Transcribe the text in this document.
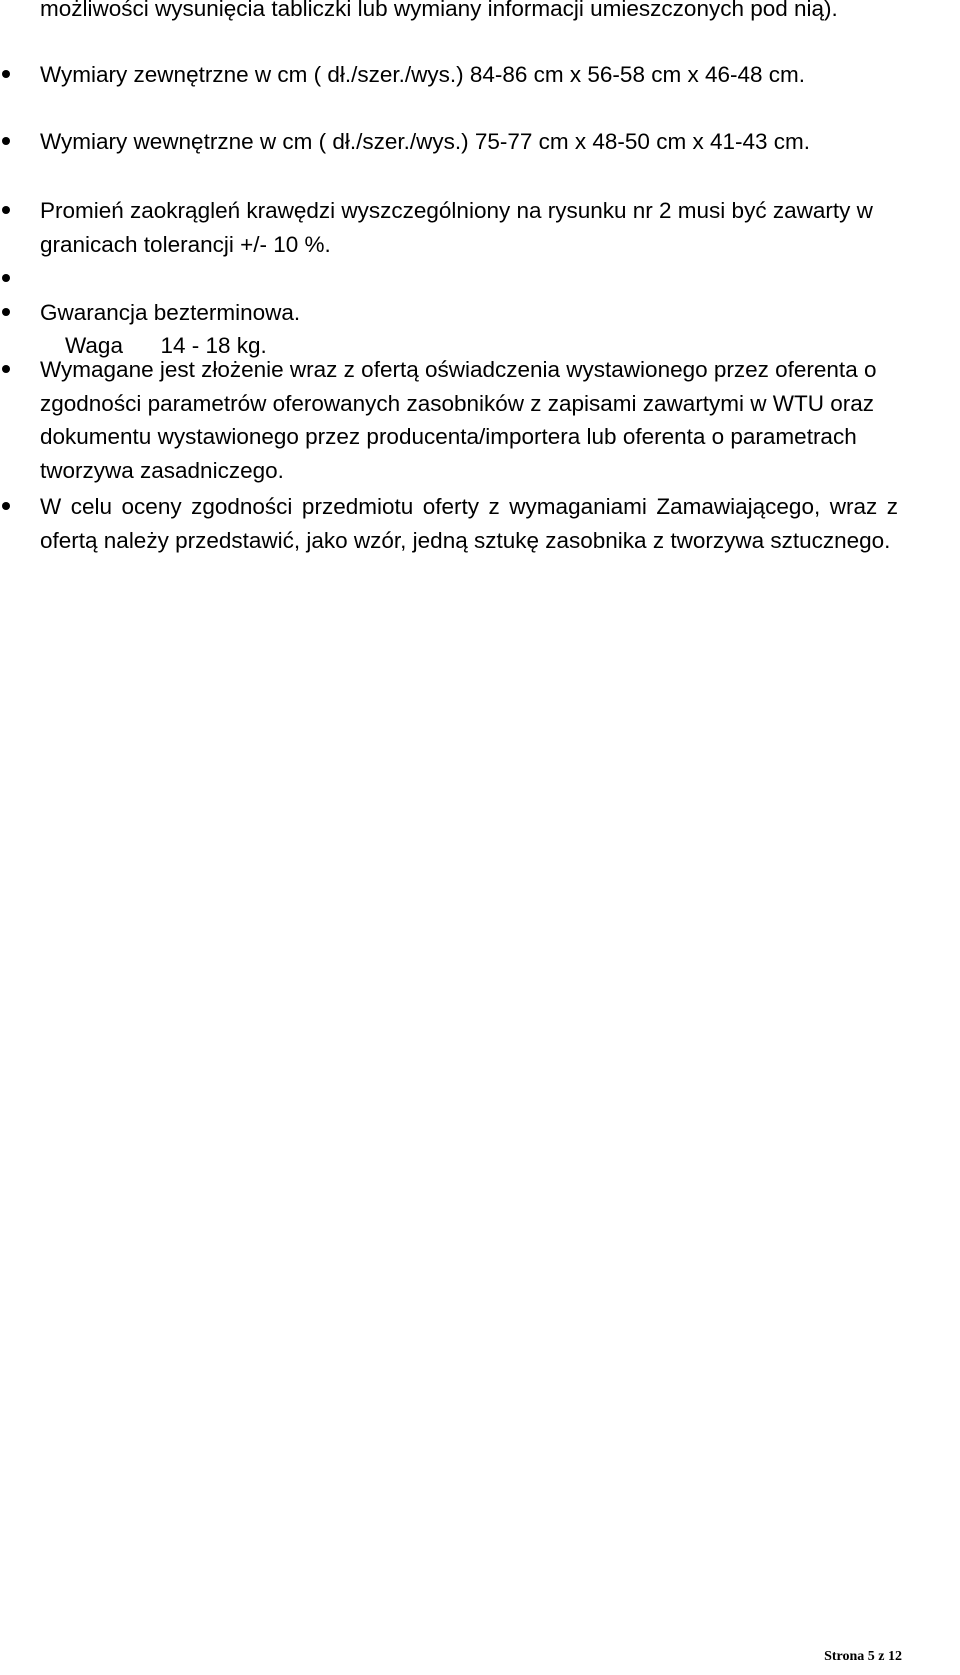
możliwości wysunięcia tabliczki lub wymiany informacji umieszczonych pod nią).

Wymiary zewnętrzne w cm ( dł./szer./wys.) 84-86 cm x 56-58 cm x 46-48 cm.
Wymiary wewnętrzne w cm ( dł./szer./wys.) 75-77 cm x 48-50 cm x 41-43 cm.
Promień zaokrągleń krawędzi wyszczególniony na rysunku nr 2 musi być zawarty w granicach tolerancji +/- 10 %.

Waga      14 - 18 kg.

Gwarancja bezterminowa.
Wymagane jest złożenie wraz z ofertą oświadczenia wystawionego przez oferenta o zgodności parametrów oferowanych zasobników z zapisami zawartymi w WTU oraz dokumentu wystawionego przez producenta/importera lub oferenta o parametrach tworzywa zasadniczego.
W celu oceny zgodności przedmiotu oferty z wymaganiami Zamawiającego, wraz z ofertą należy przedstawić, jako wzór, jedną sztukę zasobnika z tworzywa sztucznego.
Strona 5 z 12
